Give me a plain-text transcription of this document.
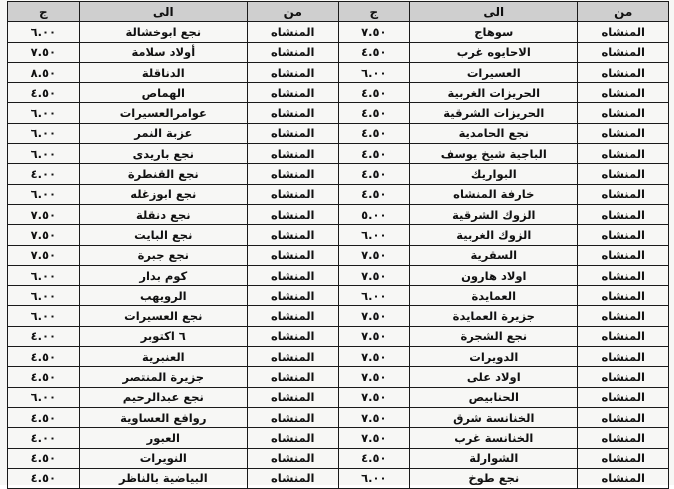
من	الى	ج	من	الى	ج
المنشاه	سوهاج	٧.٥٠	المنشاه	نجع ابوخشالة	٦.٠٠
المنشاه	الاحايوه غرب	٤.٥٠	المنشاه	أولاد سلامة	٧.٥٠
المنشاه	العسيرات	٦.٠٠	المنشاه	الدناقلة	٨.٥٠
المنشاه	الحريزات الغربية	٤.٥٠	المنشاه	الهماص	٤.٥٠
المنشاه	الحريزات الشرقية	٤.٥٠	المنشاه	عوامرالعسيرات	٦.٠٠
المنشاه	نجع الحامدية	٤.٥٠	المنشاه	عزبة النمر	٦.٠٠
المنشاه	الباجية شيخ يوسف	٤.٥٠	المنشاه	نجع باريدى	٦.٠٠
المنشاه	البواريك	٤.٥٠	المنشاه	نجع القنطرة	٤.٠٠
المنشاه	خارفة المنشاه	٤.٥٠	المنشاه	نجع ابوزغله	٦.٠٠
المنشاه	الزوك الشرقية	٥.٠٠	المنشاه	نجع دنقلة	٧.٥٠
المنشاه	الزوك الغربية	٦.٠٠	المنشاه	نجع البايت	٧.٥٠
المنشاه	السقرية	٧.٥٠	المنشاه	نجع جبرة	٧.٥٠
المنشاه	اولاد هارون	٧.٥٠	المنشاه	كوم بدار	٦.٠٠
المنشاه	العمايدة	٦.٠٠	المنشاه	الرويهب	٦.٠٠
المنشاه	جزيرة العمايدة	٧.٥٠	المنشاه	نجع العسيرات	٦.٠٠
المنشاه	نجع الشجرة	٧.٥٠	المنشاه	٦ اكتوبر	٤.٠٠
المنشاه	الدويرات	٧.٥٠	المنشاه	العنبرية	٤.٥٠
المنشاه	اولاد على	٧.٥٠	المنشاه	جزيرة المنتصر	٤.٥٠
المنشاه	الحنابيص	٧.٥٠	المنشاه	نجع عبدالرحيم	٦.٠٠
المنشاه	الخنانسة شرق	٧.٥٠	المنشاه	روافع العساوية	٤.٥٠
المنشاه	الخنانسة غرب	٧.٥٠	المنشاه	العبور	٤.٠٠
المنشاه	الشوارلة	٤.٥٠	المنشاه	النويرات	٤.٥٠
المنشاه	نجع طوخ	٦.٠٠	المنشاه	البياضية بالناظر	٤.٥٠
